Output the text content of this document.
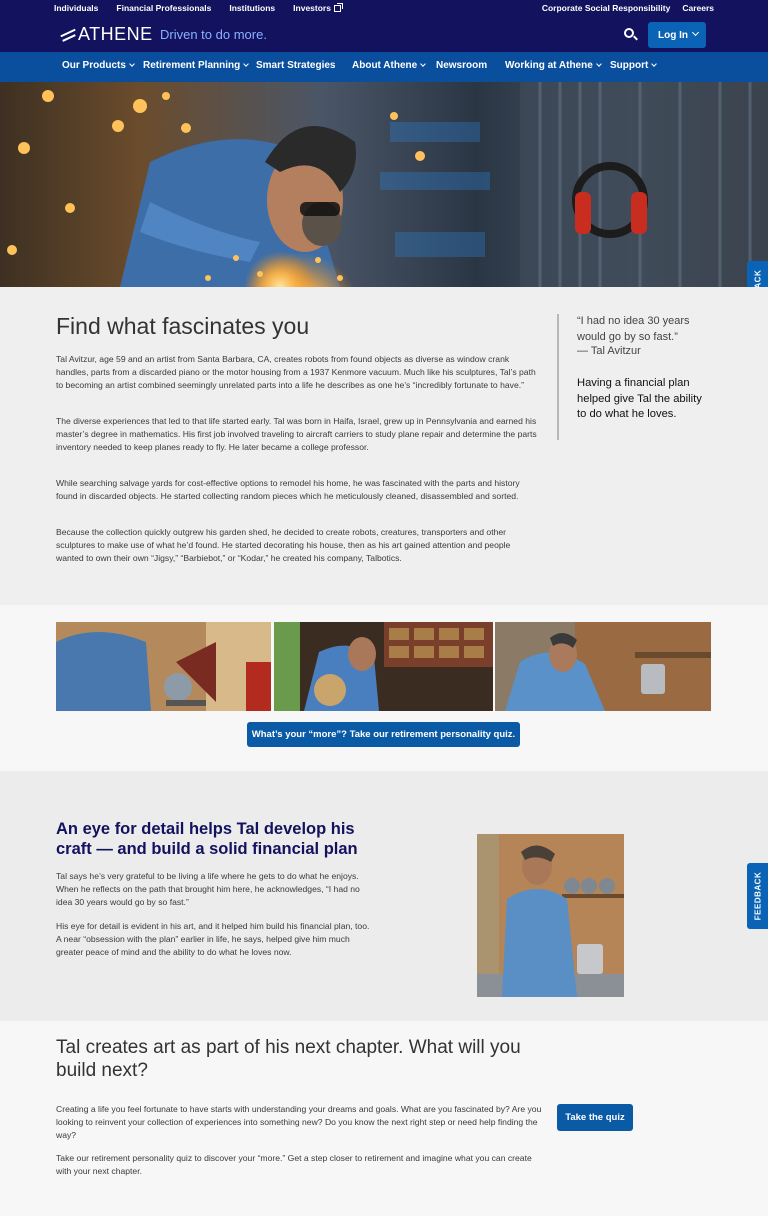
Individuals Financial Professionals Institutions Investors	Corporate Social Responsibility Careers
ATHENE Driven to do more.	Log In
Our Products	Retirement Planning	Smart Strategies About Athene	Newsroom Working at Athene	Support
Find what fascinates you

Tal Avitzur, age 59 and an artist from Santa Barbara, CA, creates robots from found objects as diverse as window crank handles, parts from a discarded piano or the motor housing from a 1937 Kenmore vacuum. Much like his sculptures, Tal’s path to becoming an artist combined seemingly unrelated parts into a life he describes as one he’s “incredibly fortunate to have.”

The diverse experiences that led to that life started early. Tal was born in Haifa, Israel, grew up in Pennsylvania and earned his master’s degree in mathematics. His first job involved traveling to aircraft carriers to study plane repair and determine the parts inventory needed to keep planes ready to fly. He later became a college professor.

While searching salvage yards for cost-effective options to remodel his home, he was fascinated with the parts and history found in discarded objects. He started collecting random pieces which he meticulously cleaned, disassembled and sorted.

Because the collection quickly outgrew his garden shed, he decided to create robots, creatures, transporters and other sculptures to make use of what he’d found. He started decorating his house, then as his art gained attention and people wanted to own their own “Jigsy,” “Barbiebot,” or “Kodar,” he created his company, Talbotics.

“I had no idea 30 years would go by so fast.”
— Tal Avitzur
Having a financial plan helped give Tal the ability to do what he loves.
What’s your “more”? Take our retirement personality quiz.
An eye for detail helps Tal develop his craft — and build a solid financial plan

Tal says he’s very grateful to be living a life where he gets to do what he enjoys. When he reflects on the path that brought him here, he acknowledges, “I had no idea 30 years would go by so fast.”

His eye for detail is evident in his art, and it helped him build his financial plan, too. A near “obsession with the plan” earlier in life, he says, helped give him much greater peace of mind and the ability to do what he loves now.

FEEDBACK
Tal creates art as part of his next chapter. What will you build next?

Creating a life you feel fortunate to have starts with understanding your dreams and goals. What are you fascinated by? Are you looking to reinvent your collection of experiences into something new? Do you know the next right step or need help finding the way?

Take our retirement personality quiz to discover your “more.” Get a step closer to retirement and imagine what you can create with your next chapter.

Take the quiz
